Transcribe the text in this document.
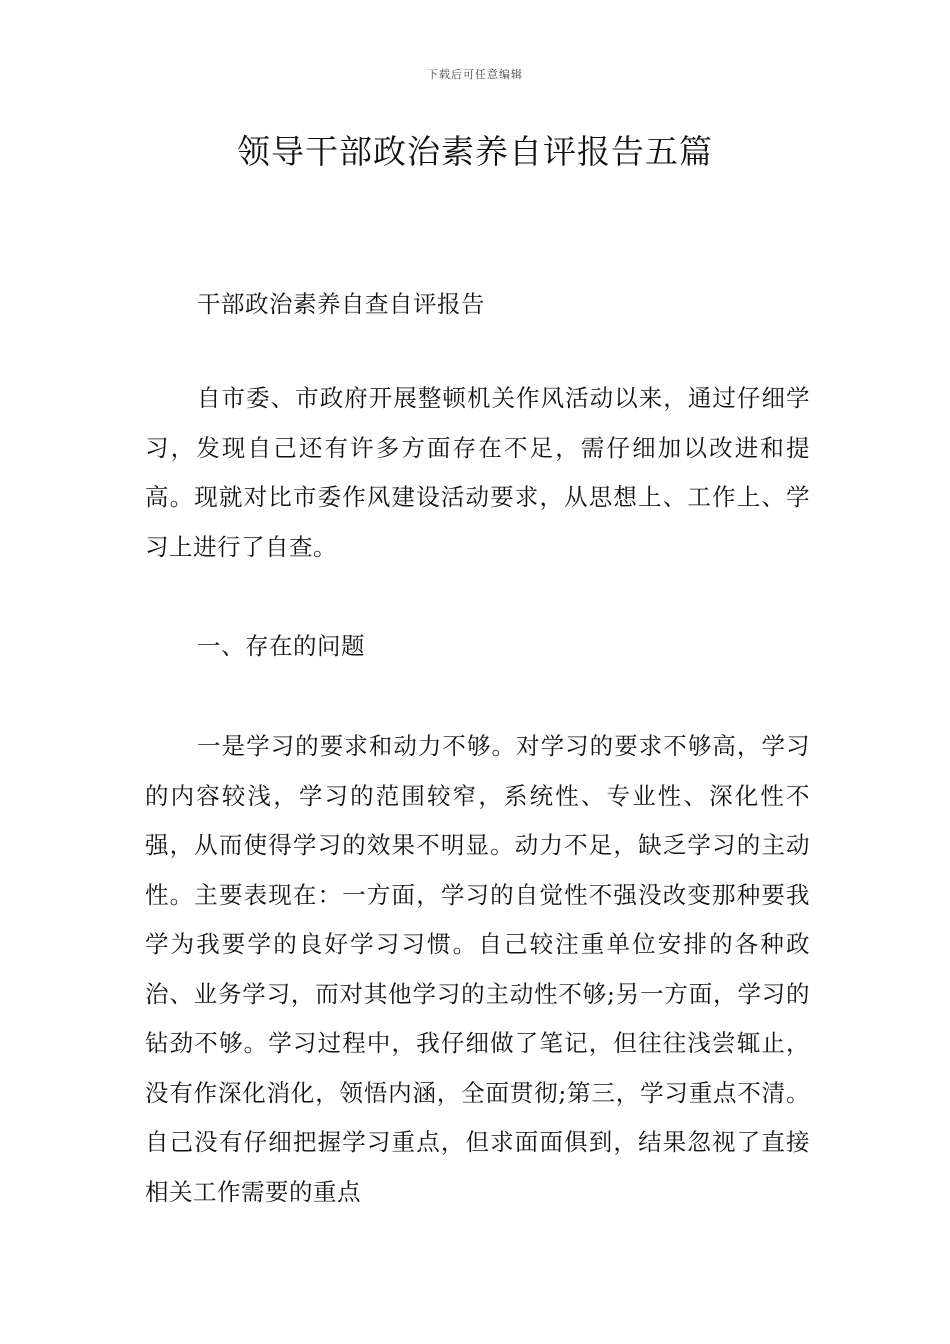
下载后可任意编辑
领导干部政治素养自评报告五篇

干部政治素养自查自评报告

自市委、市政府开展整顿机关作风活动以来，通过仔细学习，发现自己还有许多方面存在不足，需仔细加以改进和提高。现就对比市委作风建设活动要求，从思想上、工作上、学习上进行了自查。

一、存在的问题

一是学习的要求和动力不够。对学习的要求不够高，学习的内容较浅，学习的范围较窄，系统性、专业性、深化性不强，从而使得学习的效果不明显。动力不足，缺乏学习的主动性。主要表现在：一方面，学习的自觉性不强没改变那种要我学为我要学的良好学习习惯。自己较注重单位安排的各种政治、业务学习，而对其他学习的主动性不够;另一方面，学习的钻劲不够。学习过程中，我仔细做了笔记，但往往浅尝辄止，没有作深化消化，领悟内涵，全面贯彻;第三，学习重点不清。自己没有仔细把握学习重点，但求面面俱到，结果忽视了直接相关工作需要的重点
